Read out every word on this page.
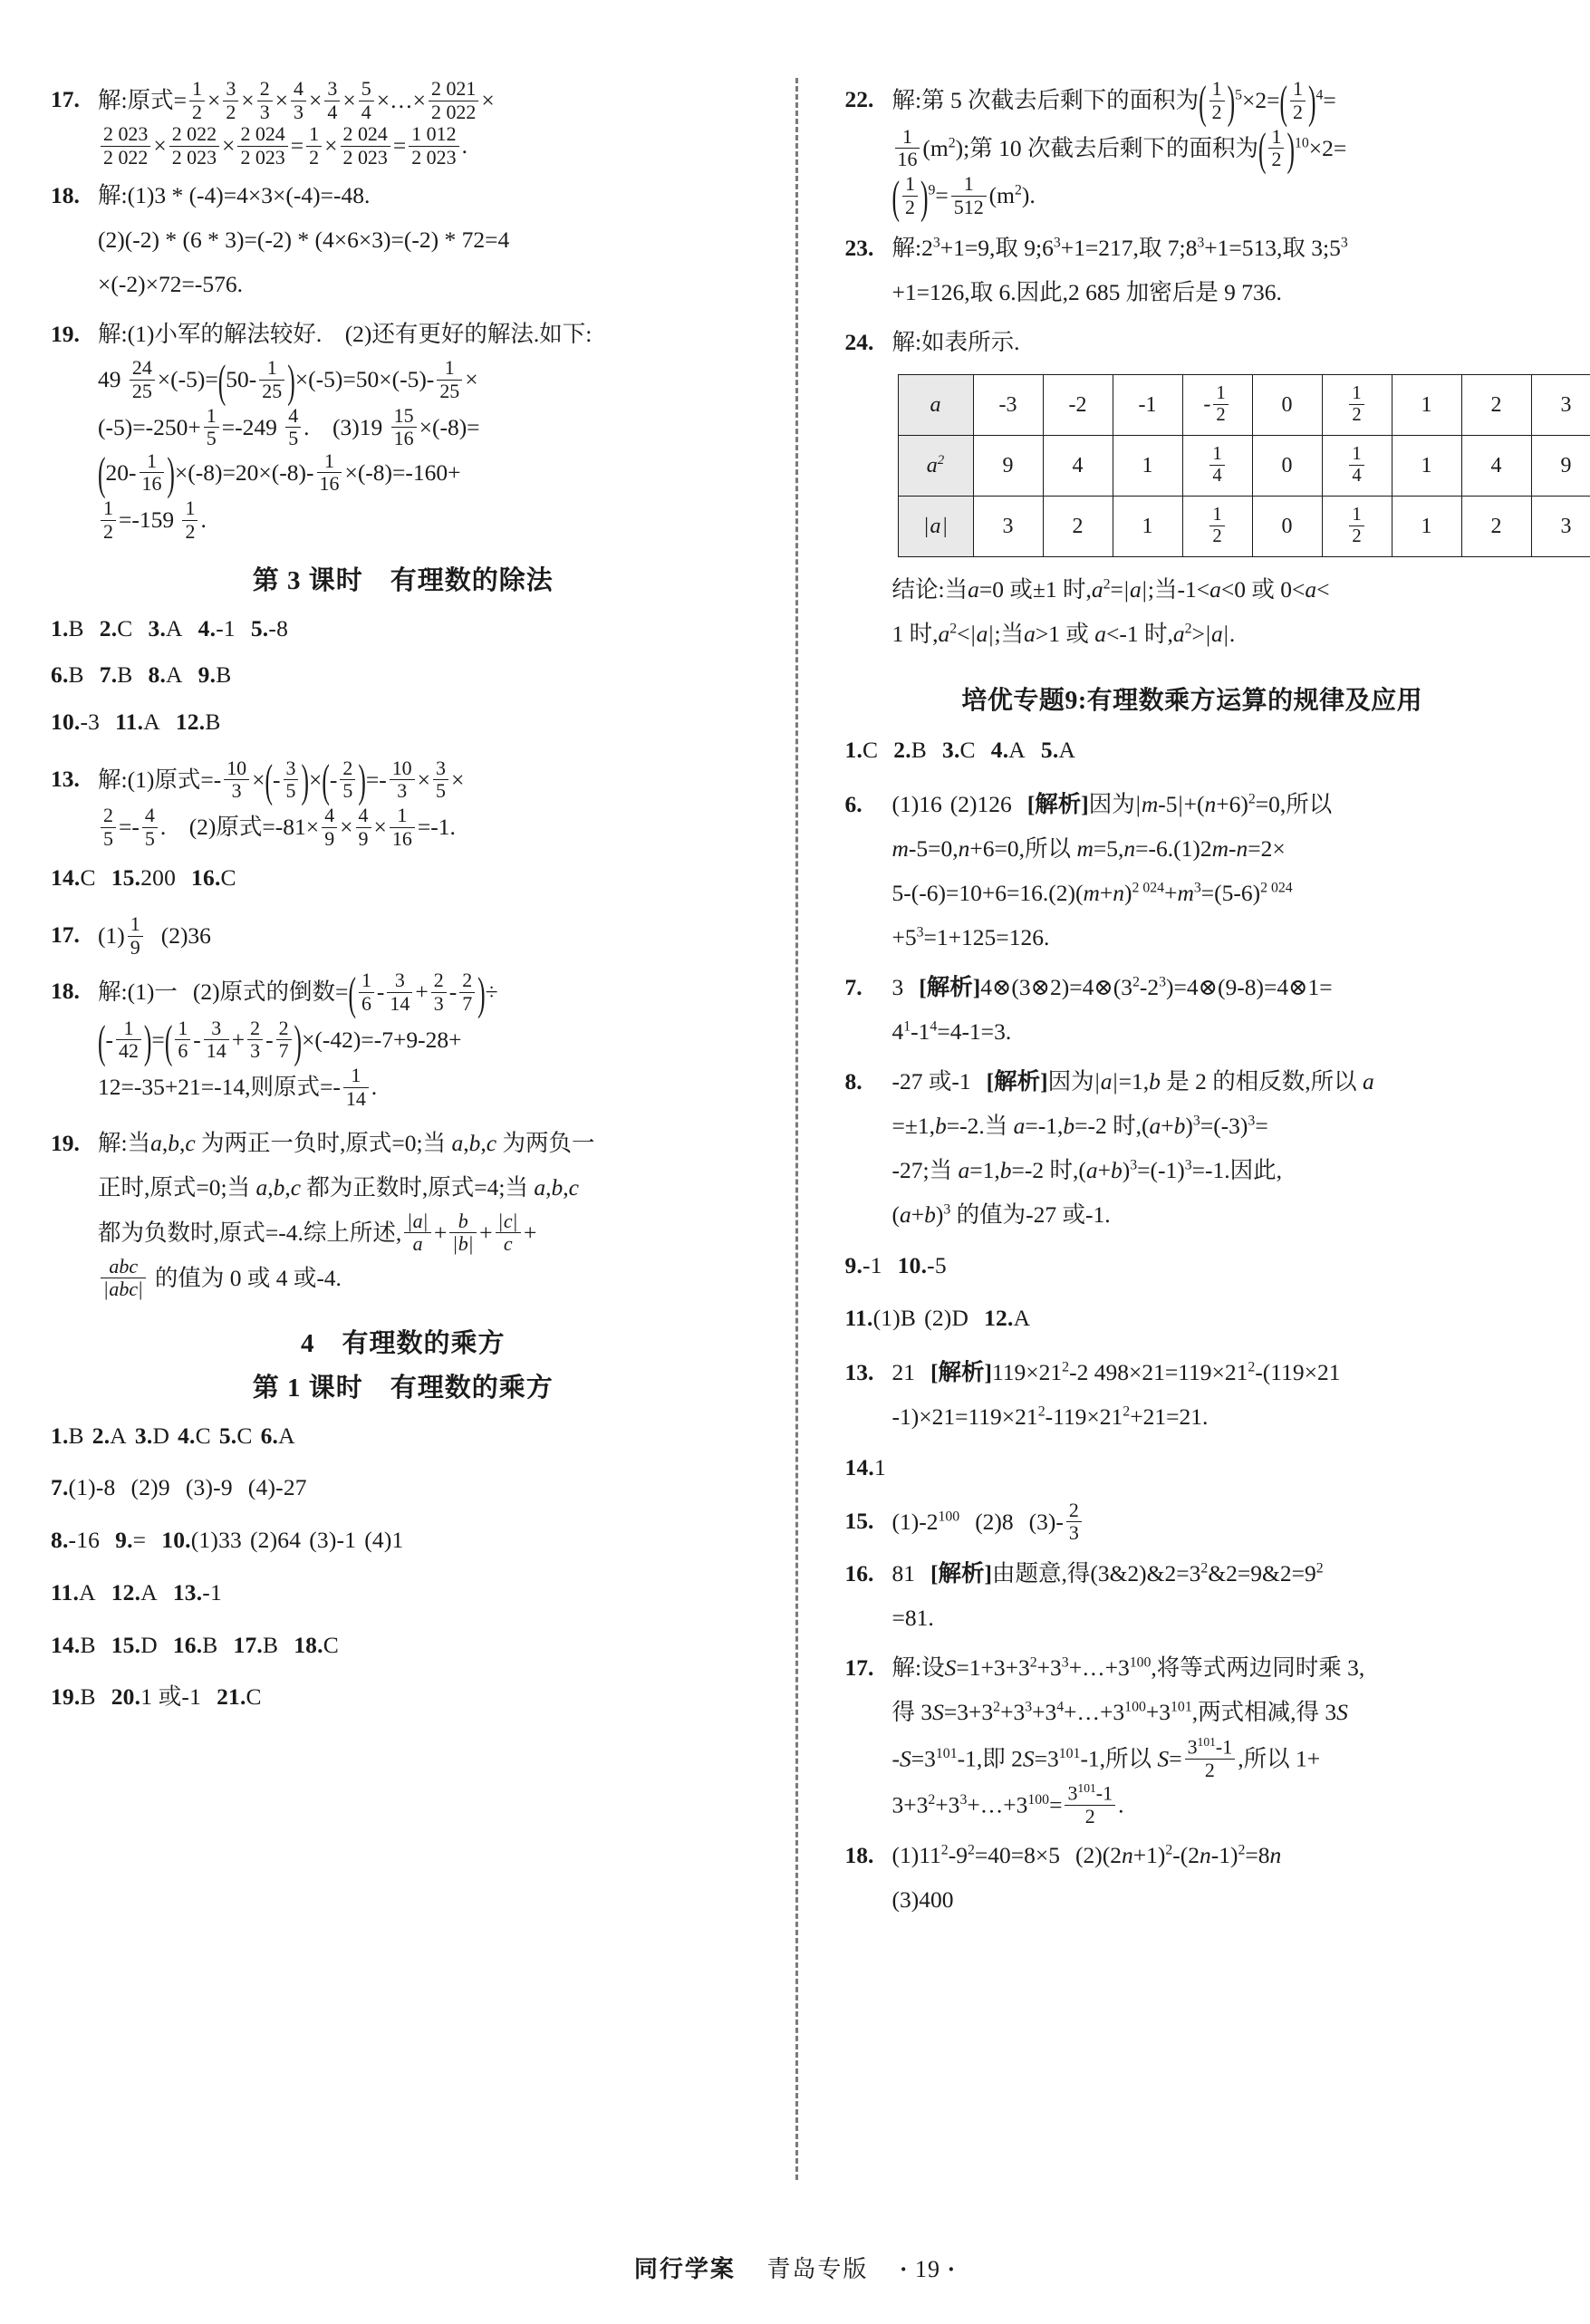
17. 解:原式= $\frac{1}{2} \times \frac{3}{2} \times \frac{2}{3} \times \frac{4}{3} \times \frac{3}{4} \times \frac{5}{4}$ ×…× $\frac{2 021}{2 022}$ ×

$\frac{2 023}{2 022} \times \frac{2 022}{2 023} \times \frac{2 024}{2 023} = \frac{1}{2} \times \frac{2 024}{2 023} = \frac{1 012}{2 023}$ .
18. 解:(1)3 * (-4)=4×3×(-4)=-48.
(2)(-2) * (6 * 3)=(-2) * (4×6×3)=(-2) * 72=4
×(-2)×72=-576.
19. 解:(1)小军的解法较好.　(2)还有更好的解法.如下:
$49 \frac{24}{25} \times(-5)=(50- \frac{1}{25} )\times(-5)=50\times(-5)- \frac{1}{25}$ ×
$(-5)=-250+ \frac{1}{5} =-249 \frac{4}{5}$ .　$(3)19 \frac{15}{16} \times(-8)=$
$(20- \frac{1}{16} )\times(-8)=20\times(-8)- \frac{1}{16} \times(-8)=-160+$

$\frac{1}{2} =-159 \frac{1}{2}$ .
第 3 课时　有理数的除法
1.B 2.C 3.A 4.-1 5.-8
6.B 7.B 8.A 9.B
10.-3 11.A 12.B
13. 解:(1)原式=- $\frac{10}{3}$ ×(- $\frac{3}{5}$ )×(- $\frac{2}{5}$ )=- $\frac{10}{3} \times \frac{3}{5}$ ×

$\frac{2}{5} =- \frac{4}{5}$ .　(2)原式$=-81\times \frac{4}{9} \times \frac{4}{9} \times \frac{1}{16} =-1$.
14.C 15.200 16.C
17. $(1) \frac{1}{9} (2)36$
18. 解:(1)一 (2)原式的倒数=( $\frac{1}{6} - \frac{3}{14} + \frac{2}{3} - \frac{2}{7}$ )÷
(- $\frac{1}{42}$ )=( $\frac{1}{6} - \frac{3}{14} + \frac{2}{3} - \frac{2}{7} )\times(-42)=-7+9-28+$
12=-35+21=-14,则原式=- $\frac{1}{14}$ .
19. 解:当a,b,c 为两正一负时,原式=0;当 a,b,c 为两负一
正时,原式=0;当 a,b,c 都为正数时,原式=4;当 a,b,c
都为负数时,原式=-4.综上所述, $\frac{|a|}{a} + \frac{b}{|b|} + \frac{|c|}{c}$ +

abc
|abc| 的值为 0 或 4 或-4.
4　有理数的乘方
第 1 课时　有理数的乘方
1.B 2.A 3.D 4.C 5.C 6.A
7.(1)-8 (2)9 (3)-9 (4)-27
8.-16 9.= 10.(1)33 (2)64 (3)-1 (4)1
11.A 12.A 13.-1
14.B 15.D 16.B 17.B 18.C
19.B 20.1 或-1 21.C
22. 解:第 5 次截去后剩下的面积为( $\frac{1}{2} )^5\times 2=( \frac{1}{2} )^4=$

$\frac{1}{16} (m^2)$;第 10 次截去后剩下的面积为( $\frac{1}{2} )^{10}\times 2=$
( $\frac{1}{2} )^9= \frac{1}{512} (m^2)$.
23. 解$:2^3+1=9$,取 $9;6^3+1=217$,取 $7;8^3+1=513$,取 $3;5^3$
+1=126,取 6.因此,2 685 加密后是 9 736.
24. 解:如表所示.
a	-3	-2	-1	- $\frac{1}{2}$	0	$\frac{1}{2}$	1	2	3
$a^2$	9	4	1	$\frac{1}{4}$	0	$\frac{1}{4}$	1	4	9
|a|	3	2	1	$\frac{1}{2}$	0	$\frac{1}{2}$	1	2	3
结论:当a=0 或±1 时$,a^2=|a|$;当-1<a<0 或 0<a<
1 时$,a^2<|a|$;当a>1 或 a<-1 时$,a^2>|a|$.
培优专题9:有理数乘方运算的规律及应用
1.C 2.B 3.C 4.A 5.A
6. (1)16 (2)126 [解析]因为$|m-5|+(n+6)^2=0$,所以
m-5=0,n+6=0,所以 m=5,n=-6.(1)2m-n=2×
$5-(-6)=10+6=16.(2)(m+n)^{2 024}+m^3=(5-6)^{2 024}$
$+5^3=1+125=126$.
7. 3 [解析]$4\otimes(3\otimes 2)=4\otimes(3^2-2^3)=4\otimes(9-8)=4\otimes 1=$
$4^1-1^4=4-1=3$.
8. -27 或-1 [解析]因为|a|=1,b 是 2 的相反数,所以 a
=±1,b=-2.当 a=-1,b=-2 时$,(a+b)^3=(-3)^3=$
-27;当 a=1,b=-2 时$,(a+b)^3=(-1)^3=-1$.因此,
$(a+b)^3$ 的值为-27 或-1.
9.-1 10.-5
11.(1)B (2)D 12.A
13. 21 [解析]$119\times 21^2-2$ $498\times 21=119\times 21^2-(119\times 21$
$-1)\times 21=119\times 21^2-119\times 21^2+21=21$.
14.1
15. $(1)-2^{100}$ (2)8 $(3)- \frac{2}{3}$
16. 81 [解析]由题意,得$(3\&2)\&2=3^2\&2=9\&2=9^2$
=81.
17. 解:设$S=1+3+3^2+3^3+\dots+3^{100}$,将等式两边同时乘 3,
得 $3S=3+3^2+3^3+3^4+\dots+3^{100}+3^{101}$,两式相减,得 3S
$-S=3^{101}-1$,即 $2S=3^{101}-1$,所以 $S= \frac{3^{101}-1}{2}$ ,所以 1+
$3+3^2+3^3+\dots+3^{100}= \frac{3^{101}-1}{2}$ .
18. $(1)11^2-9^2=40=8\times 5$ $(2)(2n+1)^2-(2n-1)^2=8n$
(3)400
同行学案 青岛专版 · 19 ·
